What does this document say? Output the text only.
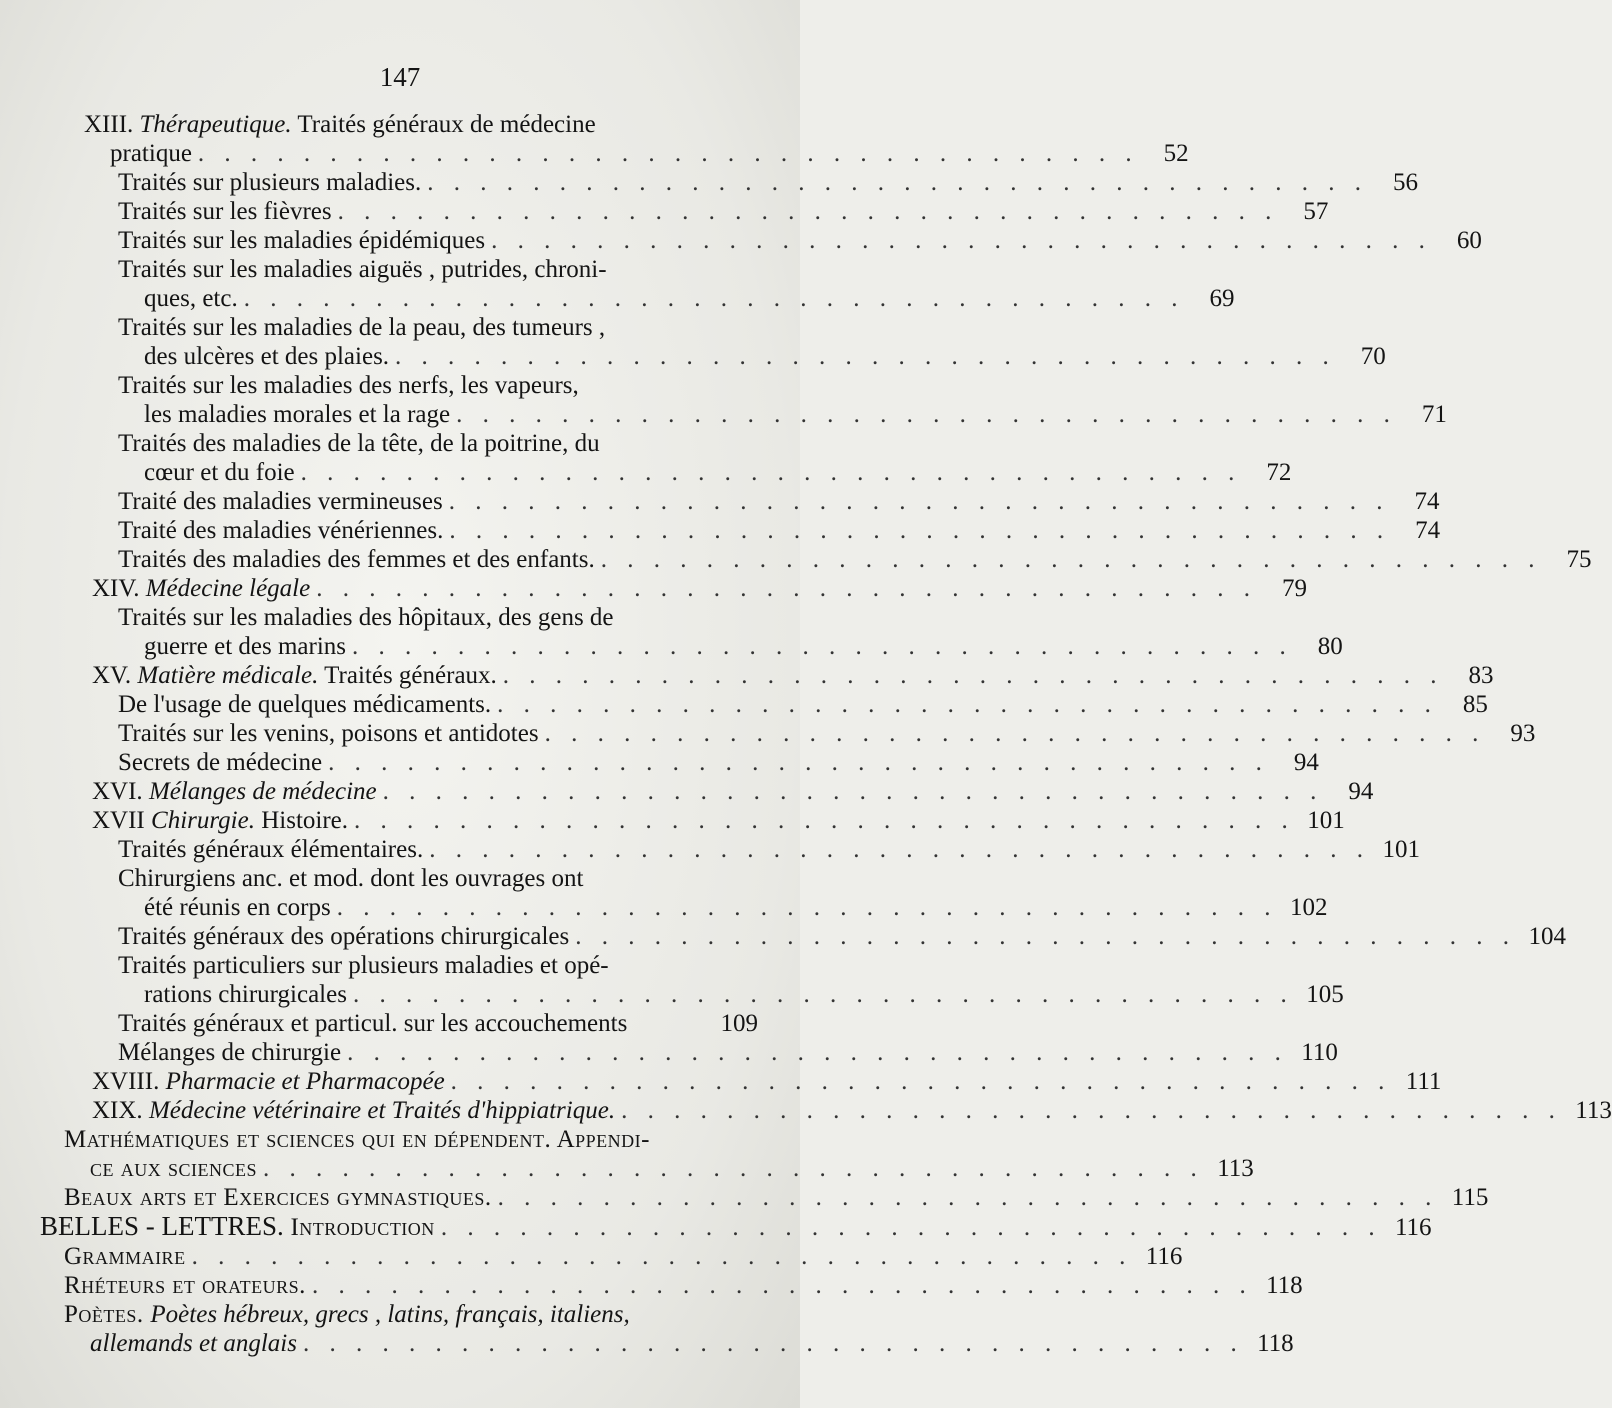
147
XIII. Thérapeutique. Traités généraux de médecine
pratique . . . . . . . . . . . . . . . . . . . . . . . . . . . . . . . . . . . .	52
Traités sur plusieurs maladies. . . . . . . . . . . . . . . . . . . . . . . . . . . . . . . . . . . . .	56
Traités sur les fièvres . . . . . . . . . . . . . . . . . . . . . . . . . . . . . . . . . . . .	57
Traités sur les maladies épidémiques . . . . . . . . . . . . . . . . . . . . . . . . . . . . . . . . . . . .	60
Traités sur les maladies aiguës , putrides, chroni-
ques, etc. . . . . . . . . . . . . . . . . . . . . . . . . . . . . . . . . . . . .	69
Traités sur les maladies de la peau, des tumeurs ,
des ulcères et des plaies. . . . . . . . . . . . . . . . . . . . . . . . . . . . . . . . . . . . .	70
Traités sur les maladies des nerfs, les vapeurs,
les maladies morales et la rage . . . . . . . . . . . . . . . . . . . . . . . . . . . . . . . . . . . .	71
Traités des maladies de la tête, de la poitrine, du
cœur et du foie . . . . . . . . . . . . . . . . . . . . . . . . . . . . . . . . . . . .	72
Traité des maladies vermineuses . . . . . . . . . . . . . . . . . . . . . . . . . . . . . . . . . . . .	74
Traité des maladies vénériennes. . . . . . . . . . . . . . . . . . . . . . . . . . . . . . . . . . . . .	74
Traités des maladies des femmes et des enfants. . . . . . . . . . . . . . . . . . . . . . . . . . . . . . . . . . . . .	75
XIV. Médecine légale . . . . . . . . . . . . . . . . . . . . . . . . . . . . . . . . . . . .	79
Traités sur les maladies des hôpitaux, des gens de
guerre et des marins . . . . . . . . . . . . . . . . . . . . . . . . . . . . . . . . . . . .	80
XV. Matière médicale. Traités généraux. . . . . . . . . . . . . . . . . . . . . . . . . . . . . . . . . . . . .	83
De l'usage de quelques médicaments. . . . . . . . . . . . . . . . . . . . . . . . . . . . . . . . . . . . .	85
Traités sur les venins, poisons et antidotes . . . . . . . . . . . . . . . . . . . . . . . . . . . . . . . . . . . .	93
Secrets de médecine . . . . . . . . . . . . . . . . . . . . . . . . . . . . . . . . . . . .	94
XVI. Mélanges de médecine . . . . . . . . . . . . . . . . . . . . . . . . . . . . . . . . . . . .	94
XVII Chirurgie. Histoire. . . . . . . . . . . . . . . . . . . . . . . . . . . . . . . . . . . . . 101
Traités généraux élémentaires. . . . . . . . . . . . . . . . . . . . . . . . . . . . . . . . . . . . . 101
Chirurgiens anc. et mod. dont les ouvrages ont
été réunis en corps . . . . . . . . . . . . . . . . . . . . . . . . . . . . . . . . . . . . 102
Traités généraux des opérations chirurgicales . . . . . . . . . . . . . . . . . . . . . . . . . . . . . . . . . . . . 104
Traités particuliers sur plusieurs maladies et opé-
rations chirurgicales . . . . . . . . . . . . . . . . . . . . . . . . . . . . . . . . . . . . 105
Traités généraux et particul. sur les accouchements	109
Mélanges de chirurgie . . . . . . . . . . . . . . . . . . . . . . . . . . . . . . . . . . . . 110
XVIII. Pharmacie et Pharmacopée . . . . . . . . . . . . . . . . . . . . . . . . . . . . . . . . . . . . 111
XIX. Médecine vétérinaire et Traités d'hippiatrique. . . . . . . . . . . . . . . . . . . . . . . . . . . . . . . . . . . . . 113
Mathématiques et sciences qui en dépendent. Appendi-
ce aux sciences . . . . . . . . . . . . . . . . . . . . . . . . . . . . . . . . . . . . 113
Beaux arts et Exercices gymnastiques. . . . . . . . . . . . . . . . . . . . . . . . . . . . . . . . . . . . . 115
BELLES - LETTRES. Introduction . . . . . . . . . . . . . . . . . . . . . . . . . . . . . . . . . . . . 116
Grammaire . . . . . . . . . . . . . . . . . . . . . . . . . . . . . . . . . . . . 116
Rhéteurs et orateurs. . . . . . . . . . . . . . . . . . . . . . . . . . . . . . . . . . . . . 118
Poètes. Poètes hébreux, grecs , latins, français, italiens,
allemands et anglais . . . . . . . . . . . . . . . . . . . . . . . . . . . . . . . . . . . . 118
